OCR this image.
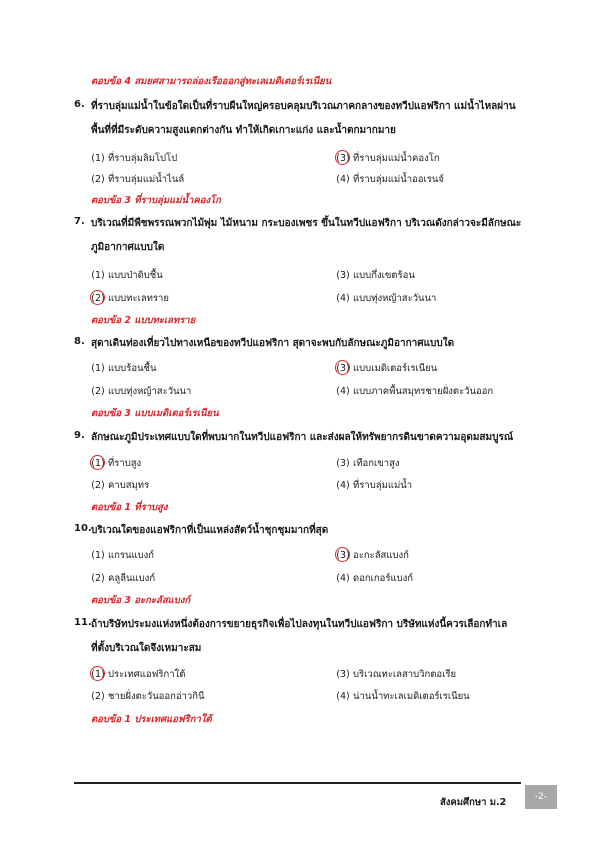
ตอบข้อ 4 สมยศสามารถล่องเรือออกสู่ทะเลเมดิเตอร์เรเนียน
6. ที่ราบลุ่มแม่น้ำในข้อใดเป็นที่ราบผืนใหญ่ครอบคลุมบริเวณภาคกลางของทวีปแอฟริกา แม่น้ำไหลผ่าน
พื้นที่ที่มีระดับความสูงแตกต่างกัน ทำให้เกิดเกาะแก่ง และน้ำตกมากมาย
(1) ที่ราบลุ่มลิมโปโป
(2) ที่ราบลุ่มแม่น้ำไนล์
(3) ที่ราบลุ่มแม่น้ำคองโก
(4) ที่ราบลุ่มแม่น้ำออเรนจ์
ตอบข้อ 3 ที่ราบลุ่มแม่น้ำคองโก
7. บริเวณที่มีพืชพรรณพวกไม้พุ่ม ไม้หนาม กระบองเพชร ขึ้นในทวีปแอฟริกา บริเวณดังกล่าวจะมีลักษณะ
ภูมิอากาศแบบใด
(1) แบบป่าดิบชื้น
(2) แบบทะเลทราย
(3) แบบกึ่งเขตร้อน
(4) แบบทุ่งหญ้าสะวันนา
ตอบข้อ 2 แบบทะเลทราย
8. สุดาเดินท่องเที่ยวไปทางเหนือของทวีปแอฟริกา สุดาจะพบกับลักษณะภูมิอากาศแบบใด
(1) แบบร้อนชื้น
(2) แบบทุ่งหญ้าสะวันนา
(3) แบบเมดิเตอร์เรเนียน
(4) แบบภาคพื้นสมุทรชายฝั่งตะวันออก
ตอบข้อ 3 แบบเมดิเตอร์เรเนียน
9. ลักษณะภูมิประเทศแบบใดที่พบมากในทวีปแอฟริกา และส่งผลให้ทรัพยากรดินขาดความอุดมสมบูรณ์
(1) ที่ราบสูง
(2) คาบสมุทร
(3) เทือกเขาสูง
(4) ที่ราบลุ่มแม่น้ำ
ตอบข้อ 1 ที่ราบสูง
10. บริเวณใดของแอฟริกาที่เป็นแหล่งสัตว์น้ำชุกชุมมากที่สุด
(1) แกรนแบงก์
(2) คลูลีนแบงก์
(3) อะกะลัสแบงก์
(4) ดอกเกอร์แบงก์
ตอบข้อ 3 อะกะลัสแบงก์
11. ถ้าบริษัทประมงแห่งหนึ่งต้องการขยายธุรกิจเพื่อไปลงทุนในทวีปแอฟริกา บริษัทแห่งนี้ควรเลือกทำเล
ที่ตั้งบริเวณใดจึงเหมาะสม
(1) ประเทศแอฟริกาใต้
(2) ชายฝั่งตะวันออกอ่าวกินี
(3) บริเวณทะเลสาบวิกตอเรีย
(4) น่านน้ำทะเลเมดิเตอร์เรเนียน
ตอบข้อ 1 ประเทศแอฟริกาใต้
สังคมศึกษา ม.2	-2-
